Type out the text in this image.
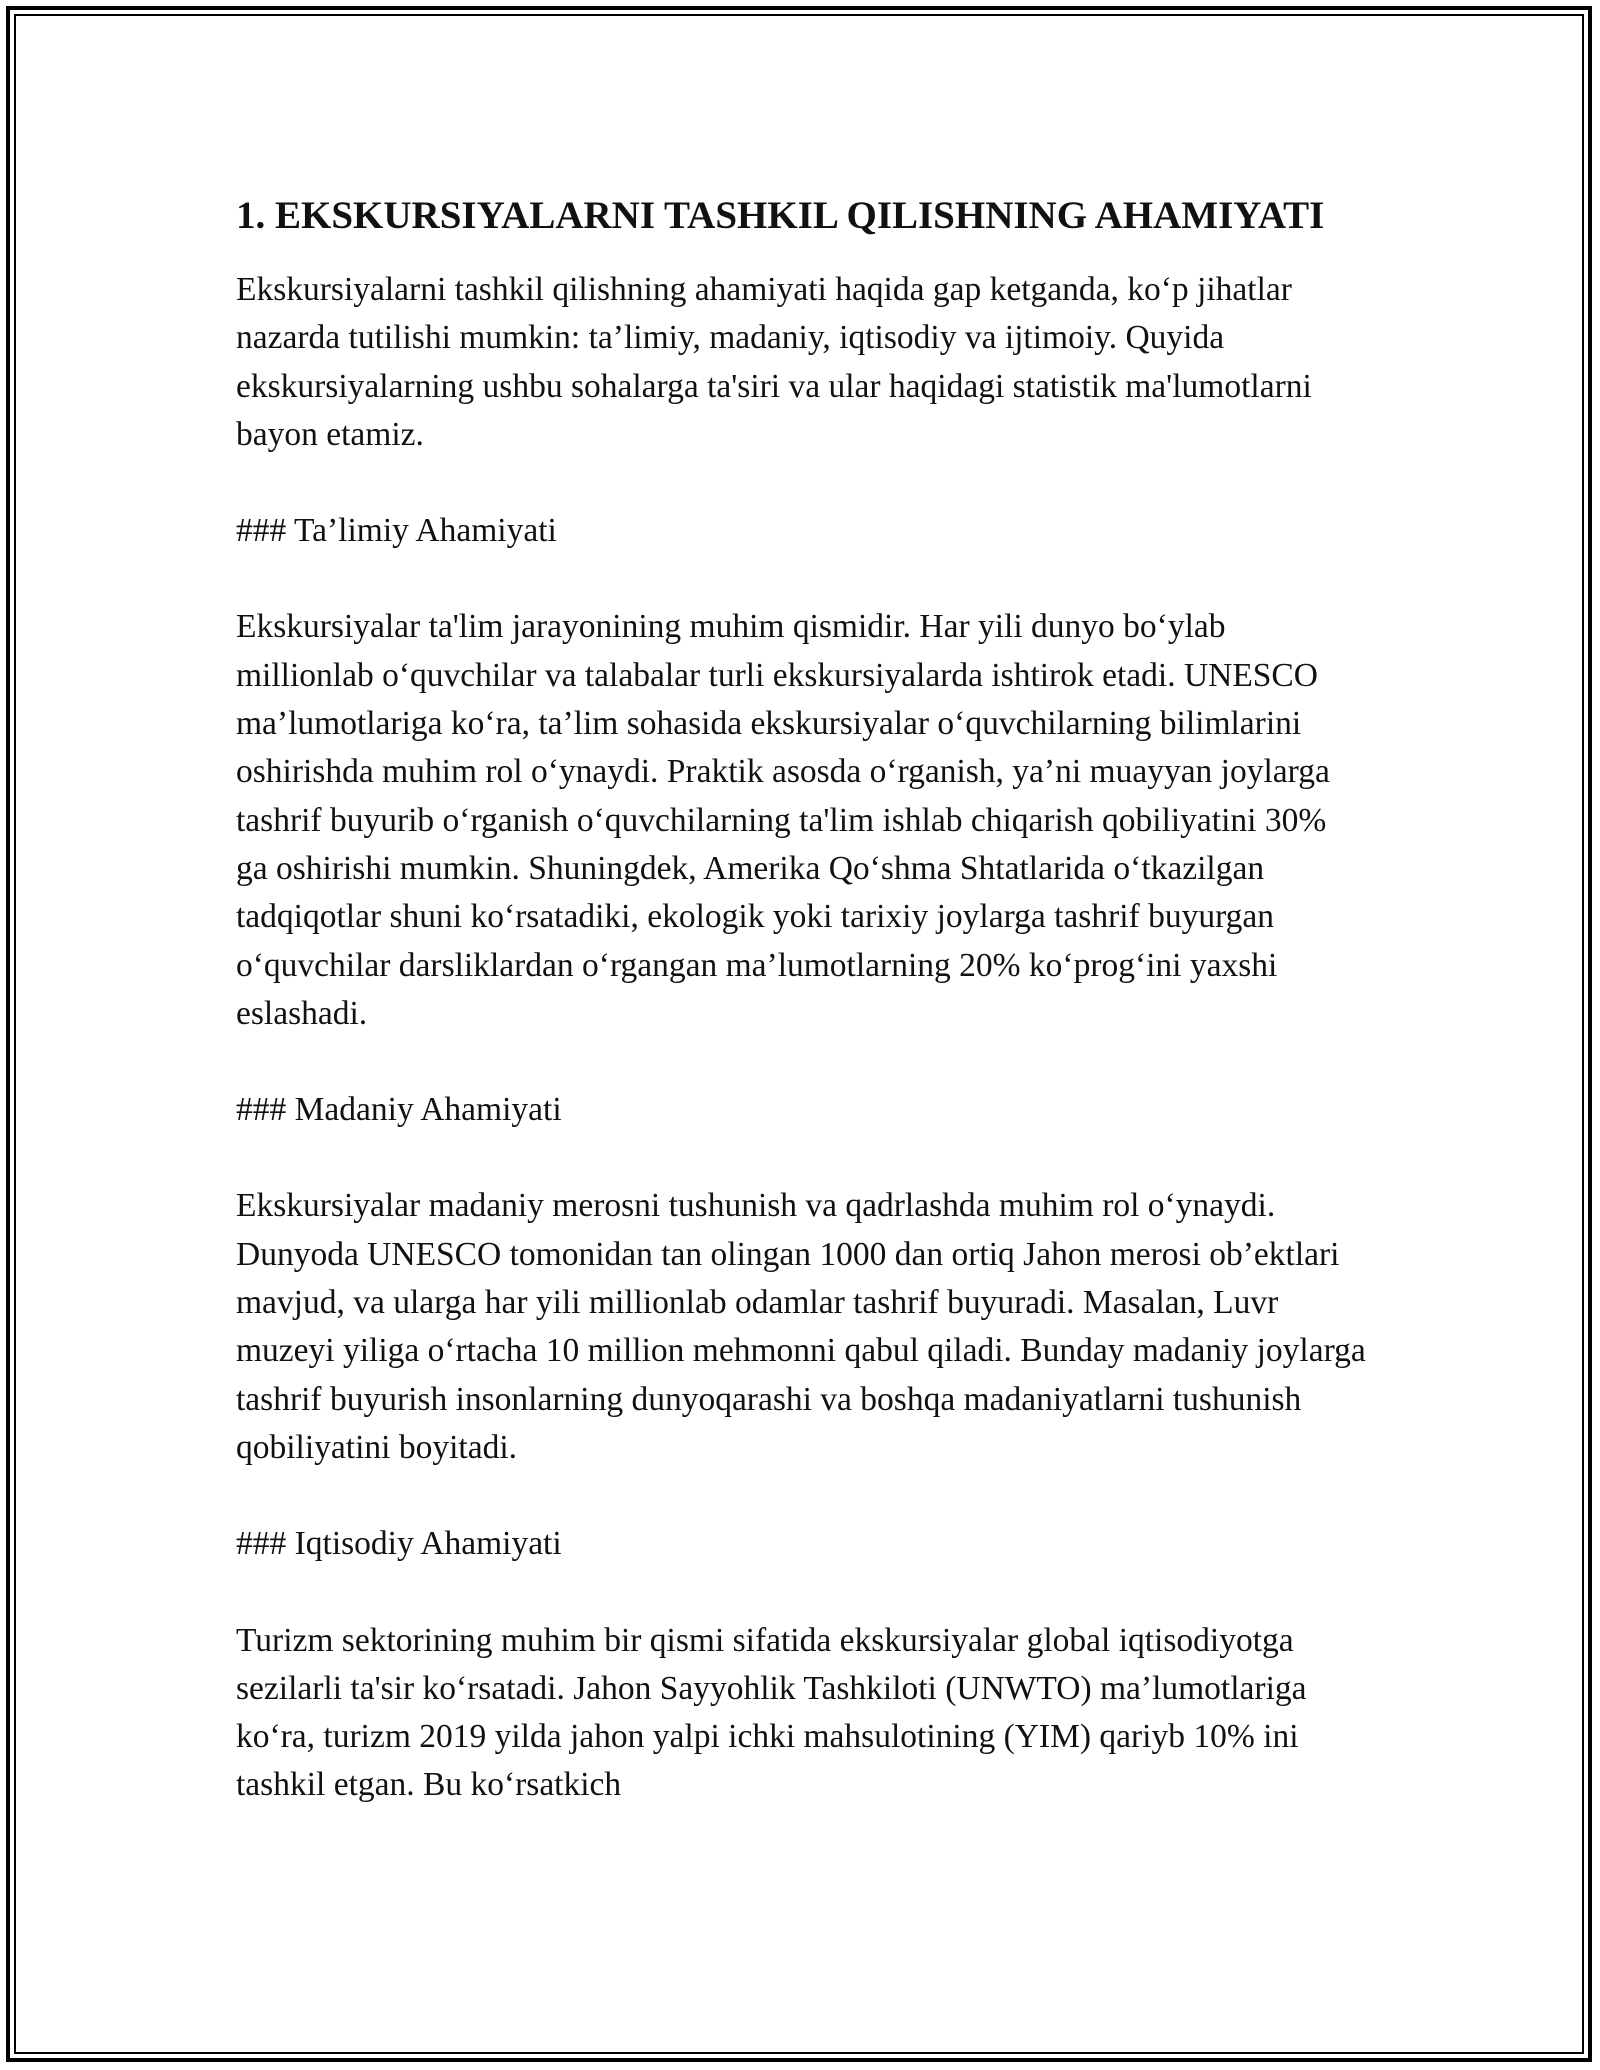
1. EKSKURSIYALARNI TASHKIL QILISHNING AHAMIYATI

Ekskursiyalarni tashkil qilishning ahamiyati haqida gap ketganda, koʻp jihatlar nazarda tutilishi mumkin: ta’limiy, madaniy, iqtisodiy va ijtimoiy. Quyida ekskursiyalarning ushbu sohalarga ta'siri va ular haqidagi statistik ma'lumotlarni bayon etamiz.

### Ta’limiy Ahamiyati

Ekskursiyalar ta'lim jarayonining muhim qismidir. Har yili dunyo boʻylab millionlab oʻquvchilar va talabalar turli ekskursiyalarda ishtirok etadi. UNESCO ma’lumotlariga koʻra, ta’lim sohasida ekskursiyalar oʻquvchilarning bilimlarini oshirishda muhim rol oʻynaydi. Praktik asosda oʻrganish, ya’ni muayyan joylarga tashrif buyurib oʻrganish oʻquvchilarning ta'lim ishlab chiqarish qobiliyatini 30% ga oshirishi mumkin. Shuningdek, Amerika Qoʻshma Shtatlarida oʻtkazilgan tadqiqotlar shuni koʻrsatadiki, ekologik yoki tarixiy joylarga tashrif buyurgan oʻquvchilar darsliklardan oʻrgangan ma’lumotlarning 20% koʻprogʻini yaxshi eslashadi.

### Madaniy Ahamiyati

Ekskursiyalar madaniy merosni tushunish va qadrlashda muhim rol oʻynaydi. Dunyoda UNESCO tomonidan tan olingan 1000 dan ortiq Jahon merosi ob’ektlari mavjud, va ularga har yili millionlab odamlar tashrif buyuradi. Masalan, Luvr muzeyi yiliga oʻrtacha 10 million mehmonni qabul qiladi. Bunday madaniy joylarga tashrif buyurish insonlarning dunyoqarashi va boshqa madaniyatlarni tushunish qobiliyatini boyitadi.

### Iqtisodiy Ahamiyati

Turizm sektorining muhim bir qismi sifatida ekskursiyalar global iqtisodiyotga sezilarli ta'sir koʻrsatadi. Jahon Sayyohlik Tashkiloti (UNWTO) ma’lumotlariga koʻra, turizm 2019 yilda jahon yalpi ichki mahsulotining (YIM) qariyb 10% ini tashkil etgan. Bu koʻrsatkich
